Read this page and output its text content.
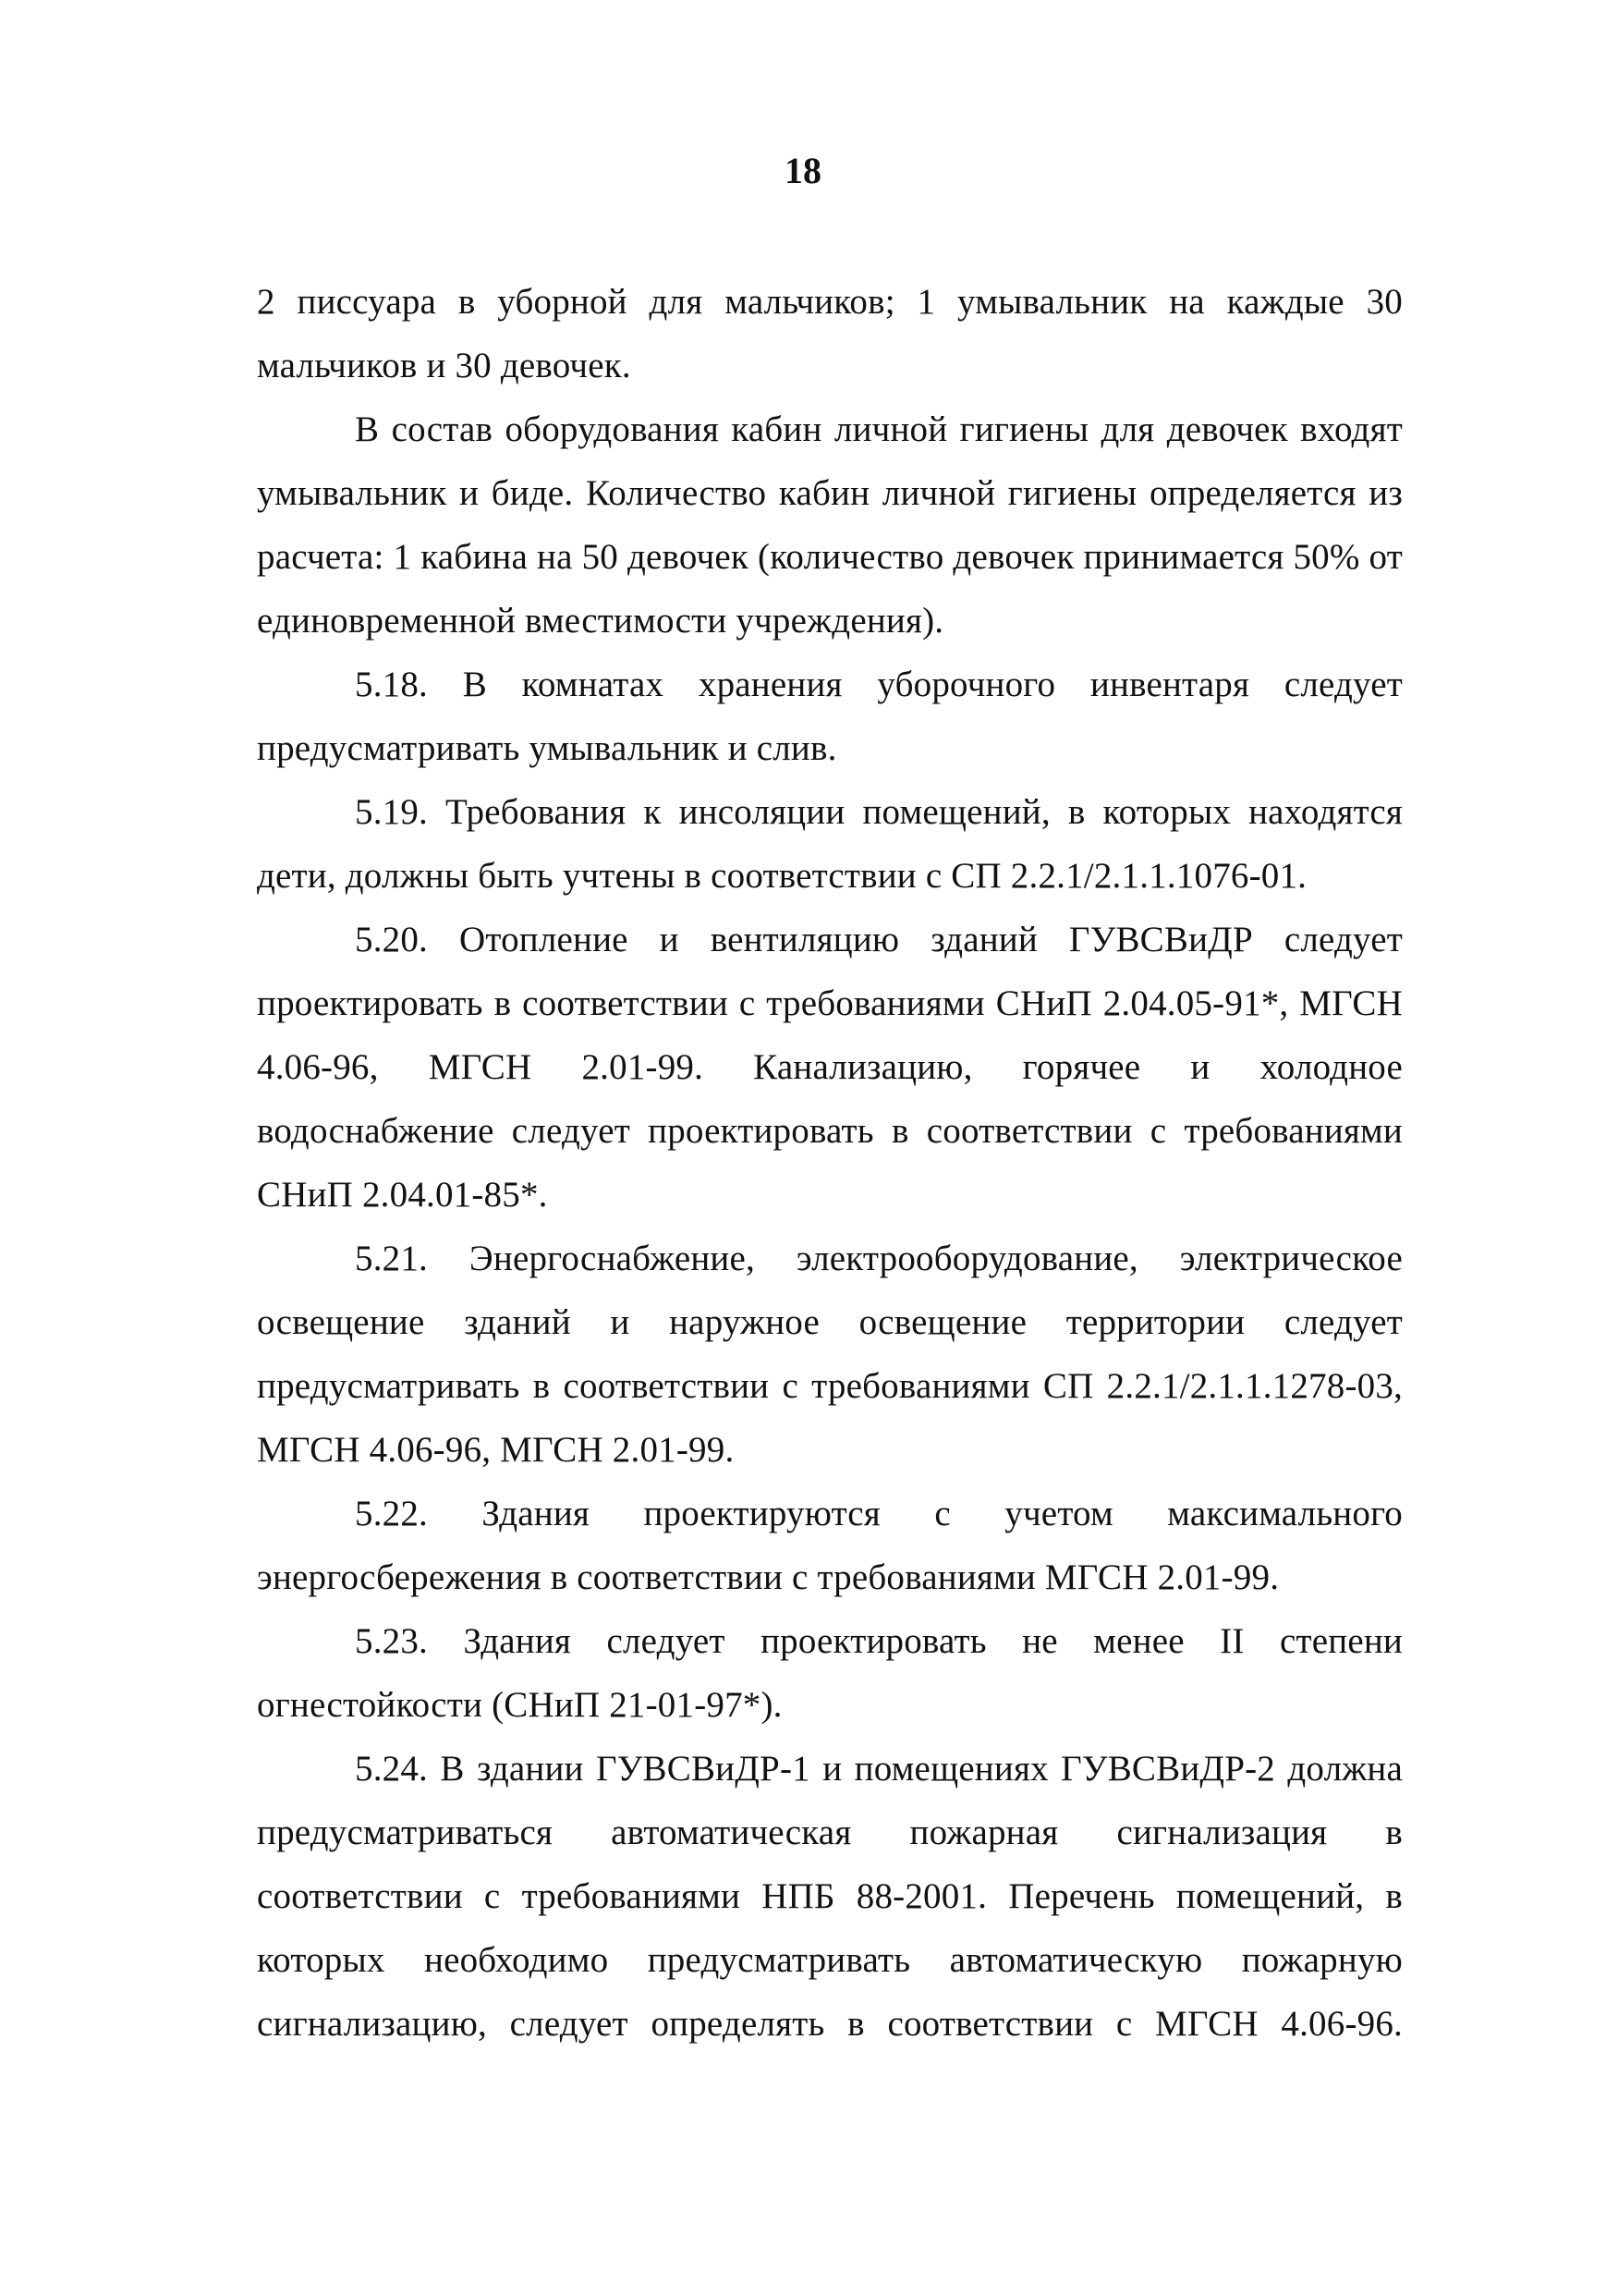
18

2 писсуара в уборной для мальчиков; 1 умывальник на каждые 30 мальчиков и 30 девочек.

В состав оборудования кабин личной гигиены для девочек входят умывальник и биде. Количество кабин личной гигиены определяется из расчета: 1 кабина на 50 девочек (количество девочек принимается 50% от единовременной вместимости учреждения).

5.18. В комнатах хранения уборочного инвентаря следует предусматривать умывальник и слив.

5.19. Требования к инсоляции помещений, в которых находятся дети, должны быть учтены в соответствии с СП 2.2.1/2.1.1.1076-01.

5.20. Отопление и вентиляцию зданий ГУВСВиДР следует проектировать в соответствии с требованиями СНиП 2.04.05-91*, МГСН 4.06-96, МГСН 2.01-99. Канализацию, горячее и холодное водоснабжение следует проектировать в соответствии с требованиями СНиП 2.04.01-85*.

5.21. Энергоснабжение, электрооборудование, электрическое освещение зданий и наружное освещение территории следует предусматривать в соответствии с требованиями СП 2.2.1/2.1.1.1278-03, МГСН 4.06-96, МГСН 2.01-99.

5.22. Здания проектируются с учетом максимального энергосбережения в соответствии с требованиями МГСН 2.01-99.

5.23. Здания следует проектировать не менее II степени огнестойкости (СНиП 21-01-97*).

5.24. В здании ГУВСВиДР-1 и помещениях ГУВСВиДР-2 должна предусматриваться автоматическая пожарная сигнализация в соответствии с требованиями НПБ 88-2001. Перечень помещений, в которых необходимо предусматривать автоматическую пожарную сигнализацию, следует определять в соответствии с МГСН 4.06-96.
